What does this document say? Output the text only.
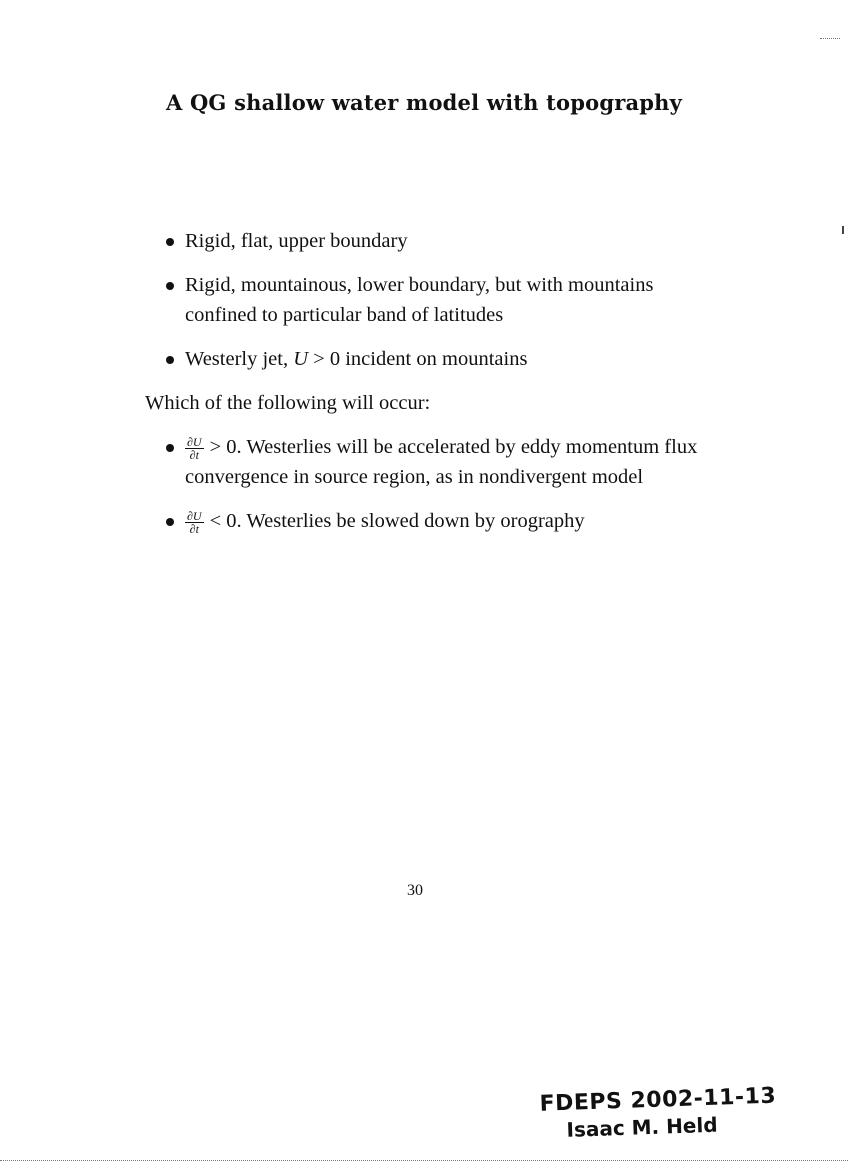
A QG shallow water model with topography
Rigid, flat, upper boundary
Rigid, mountainous, lower boundary, but with mountains confined to particular band of latitudes
Westerly jet, U > 0 incident on mountains
Which of the following will occur:
$\frac{\partial U}{\partial t} > 0$. Westerlies will be accelerated by eddy momentum flux convergence in source region, as in nondivergent model
$\frac{\partial U}{\partial t} < 0$. Westerlies be slowed down by orography
30
FDEPS 2002-11-13
Isaac M. Held
